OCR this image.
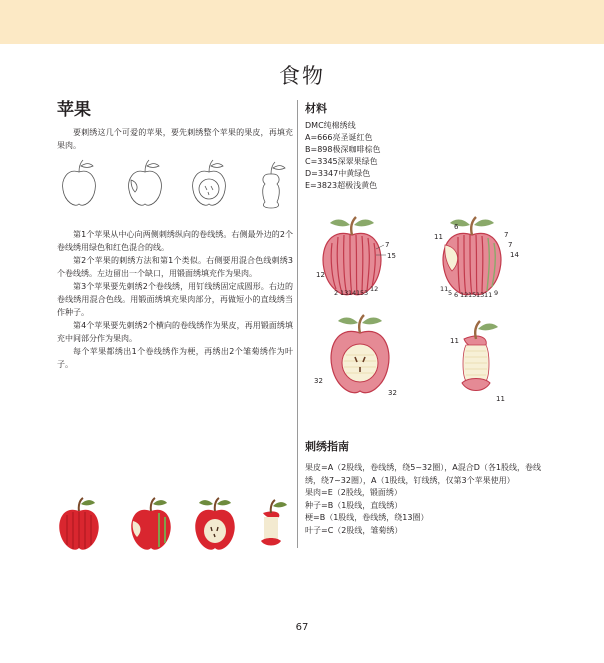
食物
苹果

要刺绣这几个可爱的苹果，要先刺绣整个苹果的果皮，再填充果肉。

第1个苹果从中心向两侧刺绣纵向的卷线绣。右侧最外边的2个卷线绣用绿色和红色混合的线。

第2个苹果的刺绣方法和第1个类似。右侧要用混合色线刺绣3个卷线绣。左边留出一个缺口，用锻面绣填充作为果肉。

第3个苹果要先刺绣2个卷线绣，用钉线绣固定成圆形。右边的卷线绣用混合色线。用锻面绣填充果肉部分，再做短小的直线绣当作种子。

第4个苹果要先刺绣2个横向的卷线绣作为果皮，再用锻面绣填充中间部分作为果肉。

每个苹果都绣出1个卷线绣作为梗，再绣出2个雏菊绣作为叶子。

材料
DMC纯棉绣线
A=666亮圣诞红色
B=898极深咖啡棕色
C=3345深翠果绿色
D=3347中黄绿色
E=3823超极浅黄色
7
15
12
2 13 14 1 5 3 12
6
11	7
7
14
11 5 6 12 15 13 11 9
32
32
11
11
刺绣指南
果皮=A（2股线，卷线绣，绕5~32圈），A混合D（各1股线，卷线绣，绕7~32圈），A（1股线，钉线绣，仅第3个苹果使用）
果肉=E（2股线，锻面绣）
种子=B（1股线，直线绣）
梗=B（1股线，卷线绣，绕13圈）
叶子=C（2股线，雏菊绣）
67
